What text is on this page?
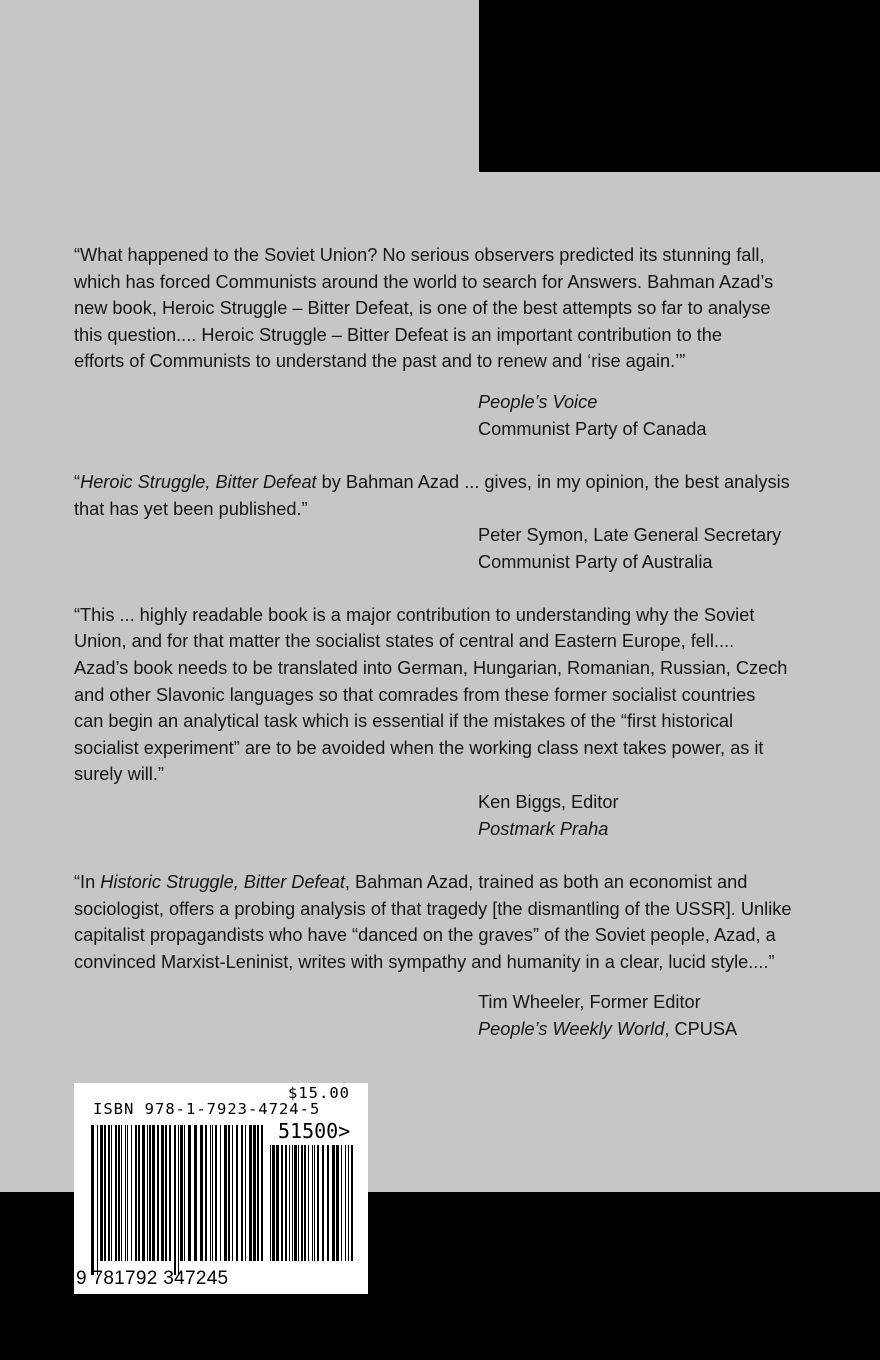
“What happened to the Soviet Union? No serious observers predicted its stunning fall,

which has forced Communists around the world to search for Answers. Bahman Azad’s

new book, Heroic Struggle – Bitter Defeat, is one of the best attempts so far to analyse

this question.... Heroic Struggle – Bitter Defeat is an important contribution to the

efforts of Communists to understand the past and to renew and ‘rise again.’”

People’s Voice
Communist Party of Canada

“Heroic Struggle, Bitter Defeat by Bahman Azad ... gives, in my opinion, the best analysis

that has yet been published.”

Peter Symon, Late General Secretary
Communist Party of Australia

“This ... highly readable book is a major contribution to understanding why the Soviet

Union, and for that matter the socialist states of central and Eastern Europe, fell....

Azad’s book needs to be translated into German, Hungarian, Romanian, Russian, Czech

and other Slavonic languages so that comrades from these former socialist countries

can begin an analytical task which is essential if the mistakes of the “first historical

socialist experiment” are to be avoided when the working class next takes power, as it

surely will.”

Ken Biggs, Editor
Postmark Praha

“In Historic Struggle, Bitter Defeat, Bahman Azad, trained as both an economist and

sociologist, offers a probing analysis of that tragedy [the dismantling of the USSR]. Unlike

capitalist propagandists who have “danced on the graves” of the Soviet people, Azad, a

convinced Marxist-Leninist, writes with sympathy and humanity in a clear, lucid style....”

Tim Wheeler, Former Editor
People’s Weekly World, CPUSA
$15.00
ISBN 978-1-7923-4724-5
51500>
9 781792 347245
